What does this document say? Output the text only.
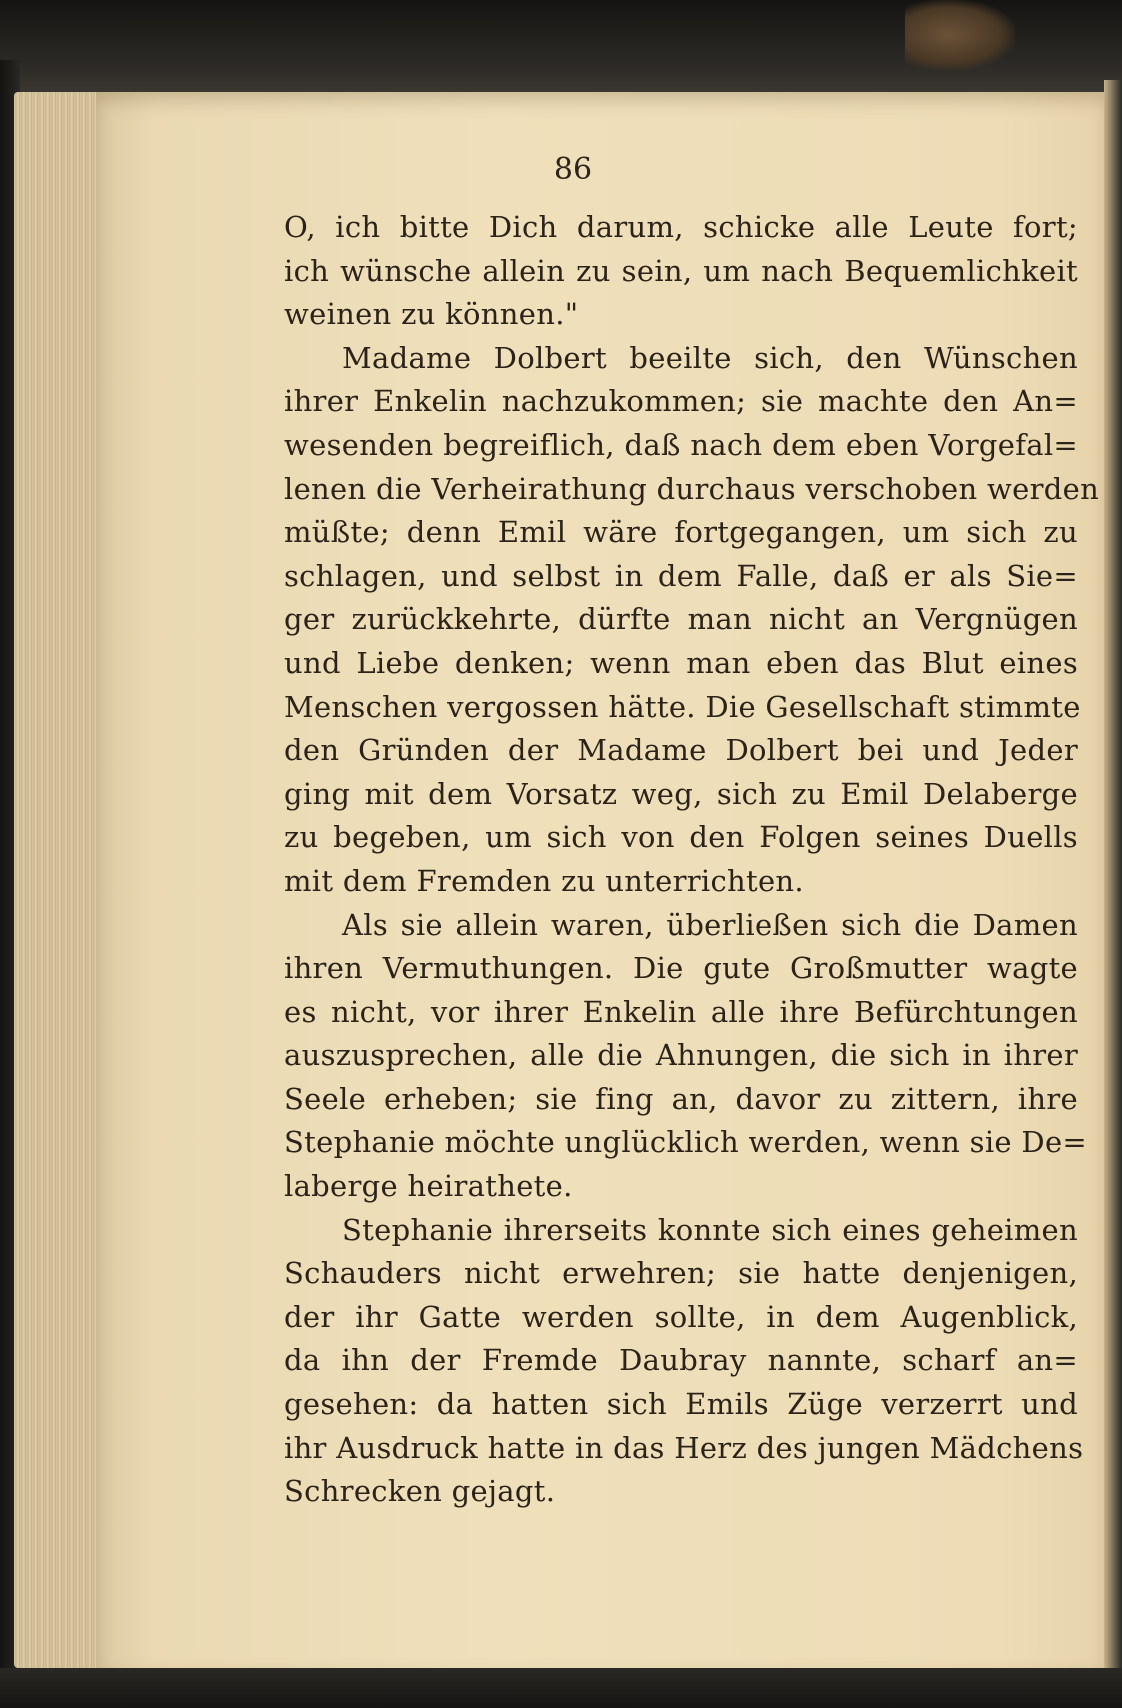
86
O, ich bitte Dich darum, schicke alle Leute fort;
ich wünsche allein zu sein, um nach Bequemlichkeit
weinen zu können."
Madame Dolbert beeilte sich, den Wünschen
ihrer Enkelin nachzukommen; sie machte den An=
wesenden begreiflich, daß nach dem eben Vorgefal=
lenen die Verheirathung durchaus verschoben werden
müßte; denn Emil wäre fortgegangen, um sich zu
schlagen, und selbst in dem Falle, daß er als Sie=
ger zurückkehrte, dürfte man nicht an Vergnügen
und Liebe denken; wenn man eben das Blut eines
Menschen vergossen hätte. Die Gesellschaft stimmte
den Gründen der Madame Dolbert bei und Jeder
ging mit dem Vorsatz weg, sich zu Emil Delaberge
zu begeben, um sich von den Folgen seines Duells
mit dem Fremden zu unterrichten.
Als sie allein waren, überließen sich die Damen
ihren Vermuthungen. Die gute Großmutter wagte
es nicht, vor ihrer Enkelin alle ihre Befürchtungen
auszusprechen, alle die Ahnungen, die sich in ihrer
Seele erheben; sie fing an, davor zu zittern, ihre
Stephanie möchte unglücklich werden, wenn sie De=
laberge heirathete.
Stephanie ihrerseits konnte sich eines geheimen
Schauders nicht erwehren; sie hatte denjenigen,
der ihr Gatte werden sollte, in dem Augenblick,
da ihn der Fremde Daubray nannte, scharf an=
gesehen: da hatten sich Emils Züge verzerrt und
ihr Ausdruck hatte in das Herz des jungen Mädchens
Schrecken gejagt.
